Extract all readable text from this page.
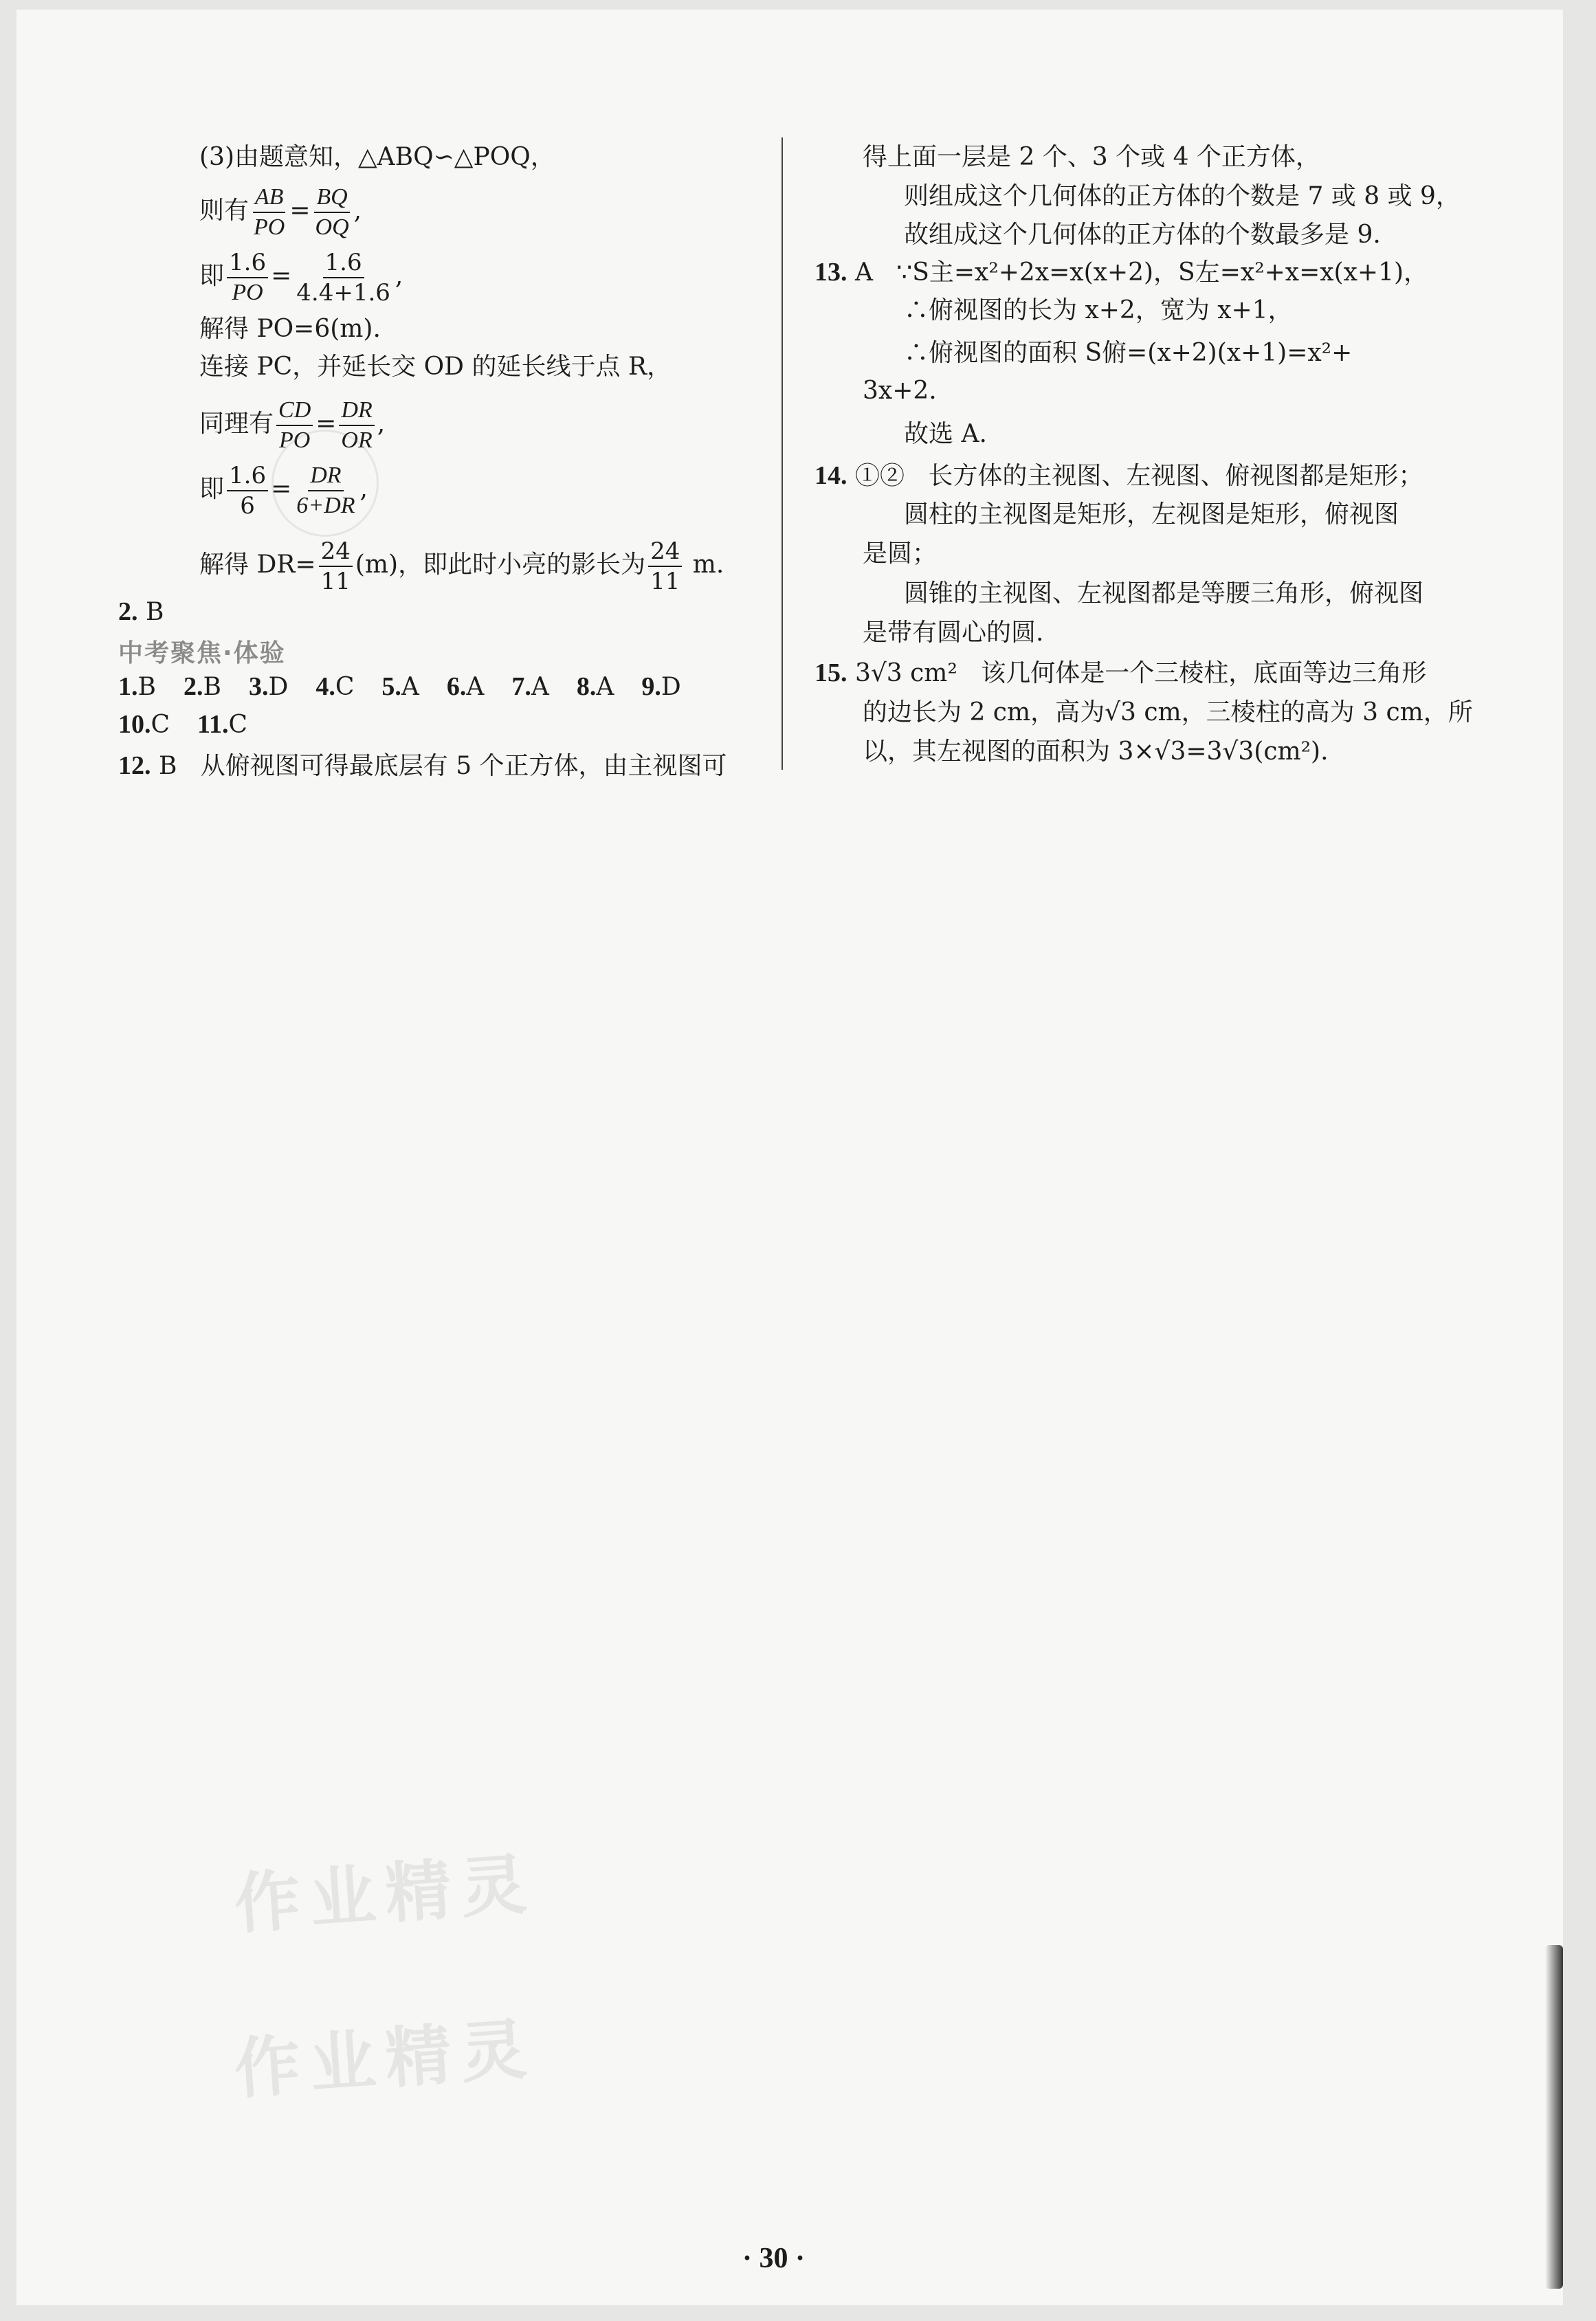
(3)由题意知，△ABQ∽△POQ，
则有 $\frac{AB}{PO} = \frac{BQ}{OQ}$ ,
即 $\frac{1.6}{PO} = \frac{1.6}{4.4+1.6}$ ,
解得 PO=6(m).
连接 PC，并延长交 OD 的延长线于点 R，
同理有 $\frac{CD}{PO} = \frac{DR}{OR}$ ,
即 $\frac{1.6}{6} = \frac{DR}{6+DR}$ ,
解得 $DR= \frac{24}{11} (m)$，即此时小亮的影长为 $\frac{24}{11} m$.
2. B
中考聚焦·体验
1.B 2.B 3.D 4.C 5.A 6.A 7.A 8.A 9.D
10.C 11.C
12. B 从俯视图可得最底层有 5 个正方体，由主视图可
得上面一层是 2 个、3 个或 4 个正方体，
则组成这个几何体的正方体的个数是 7 或 8 或 9，
故组成这个几何体的正方体的个数最多是 9.
13. A ∵S主=x²+2x=x(x+2)，S左=x²+x=x(x+1)，
∴俯视图的长为 x+2，宽为 x+1，
∴俯视图的面积 S俯=(x+2)(x+1)=x²+
3x+2.
故选 A.
14. ①② 长方体的主视图、左视图、俯视图都是矩形；
圆柱的主视图是矩形，左视图是矩形，俯视图
是圆；
圆锥的主视图、左视图都是等腰三角形，俯视图
是带有圆心的圆.
15. 3√3 cm² 该几何体是一个三棱柱，底面等边三角形
的边长为 2 cm，高为√3 cm，三棱柱的高为 3 cm，所
以，其左视图的面积为 3×√3=3√3(cm²).
作业精灵
作业精灵
· 30 ·
